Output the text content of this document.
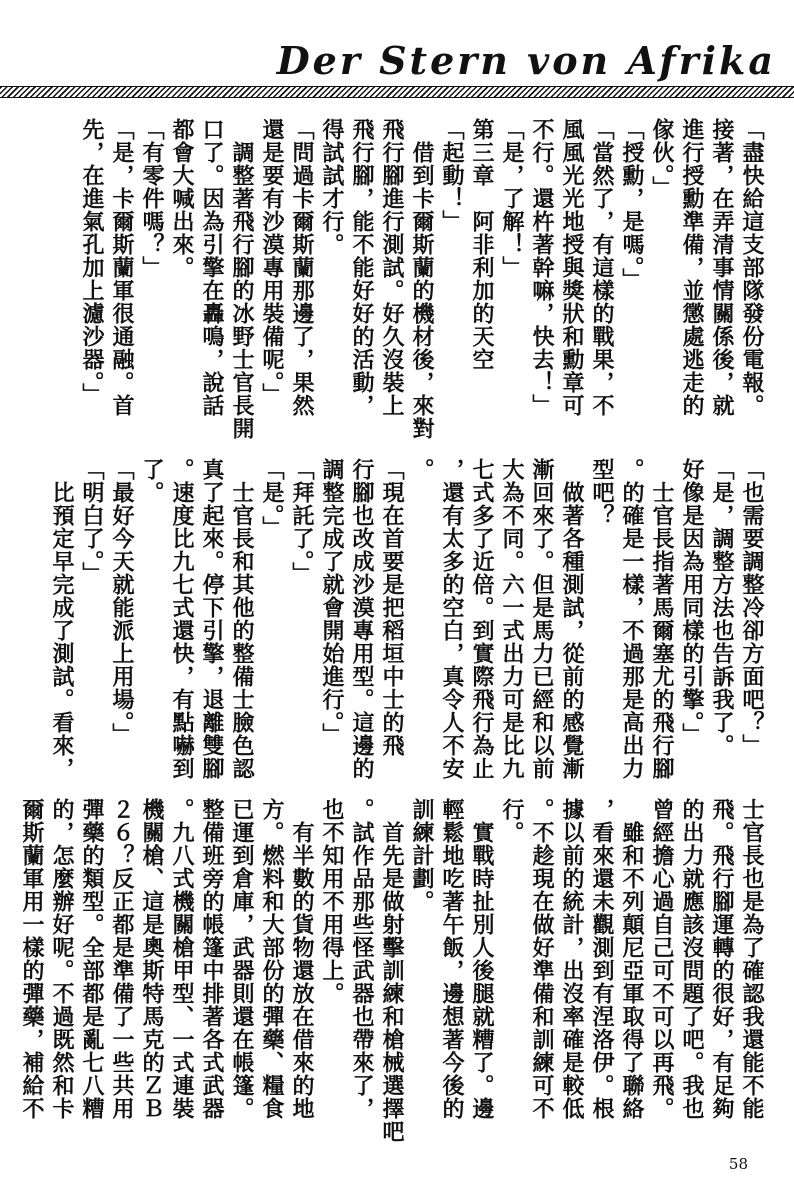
Der Stern von Afrika
「盡快給這支部隊發份電報。
接著，在弄清事情關係後，就
進行授勳準備，並懲處逃走的
傢伙。」
「授勳，是嗎。」
「當然了，有這樣的戰果，不
風風光光地授與獎狀和勳章可
不行。還杵著幹嘛，快去！」
「是，了解！」
第三章　阿非利加的天空
「起動！」
　借到卡爾斯蘭的機材後，來對
飛行腳進行測試。好久沒裝上
飛行腳，能不能好好的活動，
得試試才行。
「問過卡爾斯蘭那邊了，果然
還是要有沙漠專用裝備呢。」
　調整著飛行腳的冰野士官長開
口了。因為引擎在轟鳴，說話
都會大喊出來。
「有零件嗎？」
「是，卡爾斯蘭軍很通融。首
先，在進氣孔加上濾沙器。」
「也需要調整冷卻方面吧？」
「是，調整方法也告訴我了。
好像是因為用同樣的引擎。」
　士官長指著馬爾塞尤的飛行腳
。的確是一樣，不過那是高出力
型吧？
　做著各種測試，從前的感覺漸
漸回來了。但是馬力已經和以前
大為不同。六一式出力可是比九
七式多了近倍。到實際飛行為止
，還有太多的空白，真令人不安
。
「現在首要是把稻垣中士的飛
行腳也改成沙漠專用型。這邊的
調整完成了就會開始進行。」
「拜託了。」
「是。」
　士官長和其他的整備士臉色認
真了起來。停下引擎，退離雙腳
。速度比九七式還快，有點嚇到
了。
「最好今天就能派上用場。」
「明白了。」
　比預定早完成了測試。看來，
士官長也是為了確認我還能不能
飛。飛行腳運轉的很好，有足夠
的出力就應該沒問題了吧。我也
曾經擔心過自己可不可以再飛。
　雖和不列顛尼亞軍取得了聯絡
，看來還未觀測到有涅洛伊。根
據以前的統計，出沒率確是較低
。不趁現在做好準備和訓練可不
行。
　實戰時扯別人後腿就糟了。邊
輕鬆地吃著午飯，邊想著今後的
訓練計劃。
　首先是做射擊訓練和槍械選擇吧
。試作品那些怪武器也帶來了，
也不知用不用得上。
　有半數的貨物還放在借來的地
方。燃料和大部份的彈藥、糧食
已運到倉庫，武器則還在帳篷。
整備班旁的帳篷中排著各式武器
。九八式機關槍甲型、一式連裝
機關槍、這是奧斯特馬克的ＺＢ
２６？反正都是準備了一些共用
彈藥的類型。全部都是亂七八糟
的，怎麼辦好呢。不過既然和卡
爾斯蘭軍用一樣的彈藥，補給不
58
